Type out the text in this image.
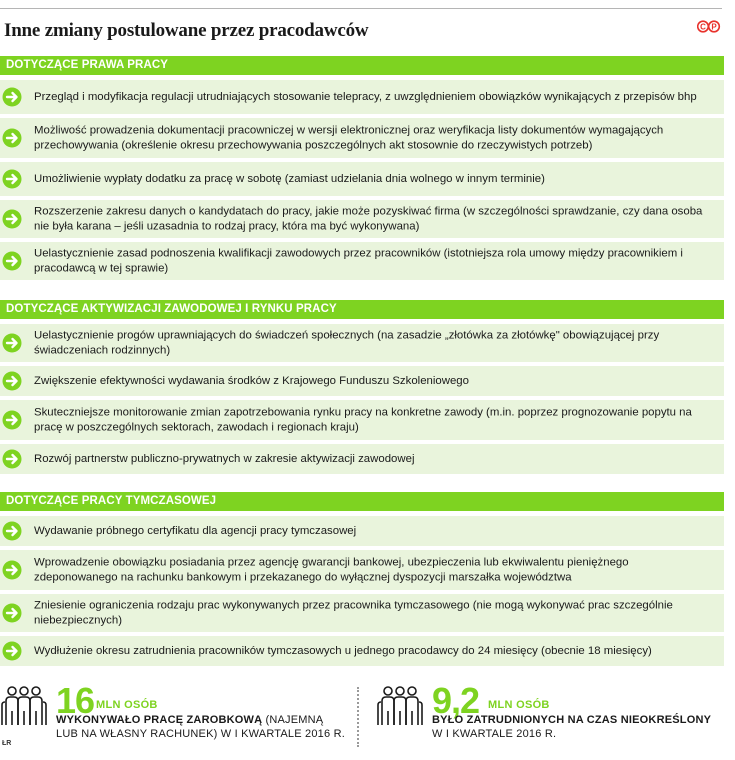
Inne zmiany postulowane przez pracodawców	C P
DOTYCZĄCE PRAWA PRACY
Przegląd i modyfikacja regulacji utrudniających stosowanie telepracy, z uwzględnieniem obowiązków wynikających z przepisów bhp
Możliwość prowadzenia dokumentacji pracowniczej w wersji elektronicznej oraz weryfikacja listy dokumentów wymagających przechowywania (określenie okresu przechowywania poszczególnych akt stosownie do rzeczywistych potrzeb)
Umożliwienie wypłaty dodatku za pracę w sobotę (zamiast udzielania dnia wolnego w innym terminie)
Rozszerzenie zakresu danych o kandydatach do pracy, jakie może pozyskiwać firma (w szczególności sprawdzanie, czy dana osoba nie była karana – jeśli uzasadnia to rodzaj pracy, która ma być wykonywana)
Uelastycznienie zasad podnoszenia kwalifikacji zawodowych przez pracowników (istotniejsza rola umowy między pracownikiem i pracodawcą w tej sprawie)
DOTYCZĄCE AKTYWIZACJI ZAWODOWEJ I RYNKU PRACY
Uelastycznienie progów uprawniających do świadczeń społecznych (na zasadzie „złotówka za złotówkę" obowiązującej przy świadczeniach rodzinnych)
Zwiększenie efektywności wydawania środków z Krajowego Funduszu Szkoleniowego
Skuteczniejsze monitorowanie zmian zapotrzebowania rynku pracy na konkretne zawody (m.in. poprzez prognozowanie popytu na pracę w poszczególnych sektorach, zawodach i regionach kraju)
Rozwój partnerstw publiczno-prywatnych w zakresie aktywizacji zawodowej
DOTYCZĄCE PRACY TYMCZASOWEJ
Wydawanie próbnego certyfikatu dla agencji pracy tymczasowej
Wprowadzenie obowiązku posiadania przez agencję gwarancji bankowej, ubezpieczenia lub ekwiwalentu pieniężnego zdeponowanego na rachunku bankowym i przekazanego do wyłącznej dyspozycji marszałka województwa
Zniesienie ograniczenia rodzaju prac wykonywanych przez pracownika tymczasowego (nie mogą wykonywać prac szczególnie niebezpiecznych)
Wydłużenie okresu zatrudnienia pracowników tymczasowych u jednego pracodawcy do 24 miesięcy (obecnie 18 miesięcy)
16 MLN OSÓB
WYKONYWAŁO PRACĘ ZAROBKOWĄ (NAJEMNĄ
LUB NA WŁASNY RACHUNEK) W I KWARTALE 2016 R.
9,2 MLN OSÓB
BYŁO ZATRUDNIONYCH NA CZAS NIEOKREŚLONY
W I KWARTALE 2016 R.
ŁR
